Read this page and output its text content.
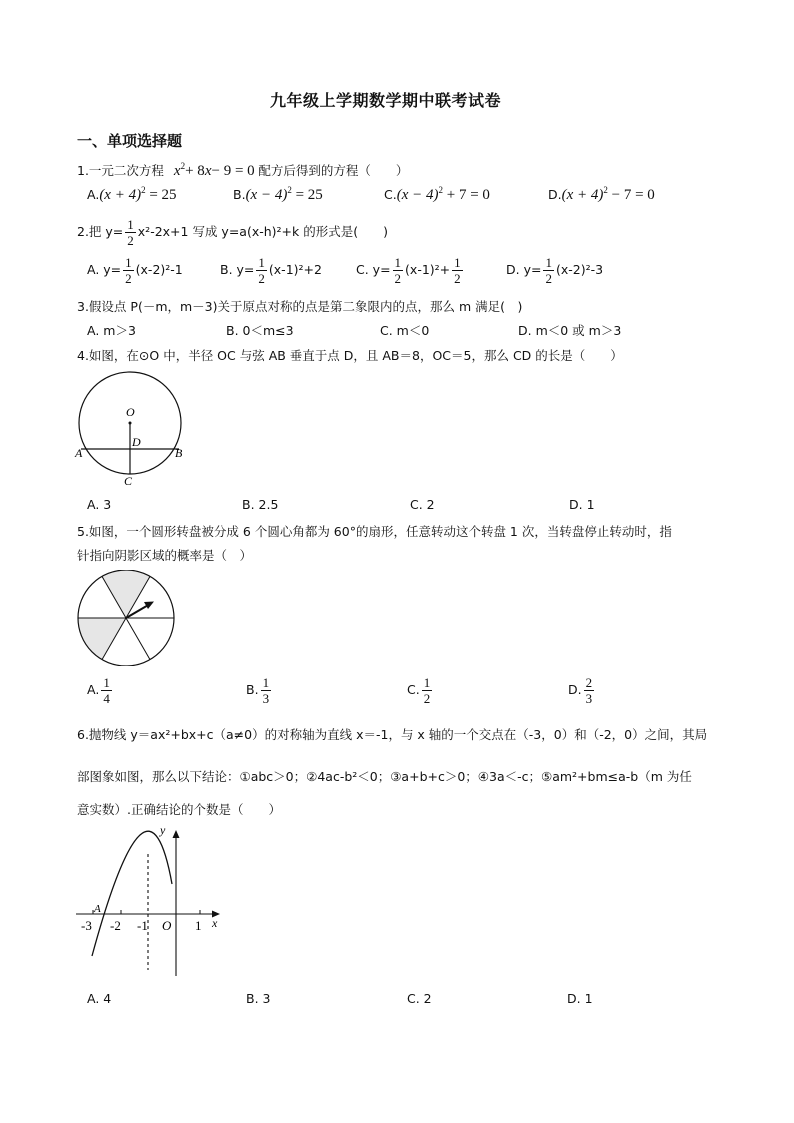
九年级上学期数学期中联考试卷
一、单项选择题
1.一元二次方程 $x^2+ 8x- 9 = 0$ 配方后得到的方程（　　）
$A.(x + 4)^2 = 25$	$B.(x - 4)^2 = 25$	$C.(x - 4)^2 + 7 = 0$	$D.(x + 4)^2 - 7 = 0$
2.把 $y= \frac{1}{2} x^2-2x+1$ 写成 y=a(x-h)²+k 的形式是(　　)
A. $y= \frac{1}{2} (x-2)^2-1$	B. $y= \frac{1}{2} (x-1)^2+2$	C. $y= \frac{1}{2} (x-1)^2+ \frac{1}{2}$	D. $y= \frac{1}{2} (x-2)^2-3$
3.假设点 P(－m，m－3)关于原点对称的点是第二象限内的点，那么 m 满足(　)
A. m＞3	B. 0＜m≤3	C. m＜0	D. m＜0 或 m＞3
4.如图，在⊙O 中，半径 OC 与弦 AB 垂直于点 D，且 AB＝8，OC＝5，那么 CD 的长是（　　）
O
D
A	B
C
A. 3	B. 2.5	C. 2	D. 1
5.如图，一个圆形转盘被分成 6 个圆心角都为 60°的扇形，任意转动这个转盘 1 次，当转盘停止转动时，指
针指向阴影区域的概率是（　）
A. $\frac{1}{4}$	B. $\frac{1}{3}$	C. $\frac{1}{2}$	D. $\frac{2}{3}$
6.抛物线 y＝ax²+bx+c（a≠0）的对称轴为直线 x＝-1，与 x 轴的一个交点在（-3，0）和（-2，0）之间，其局
部图象如图，那么以下结论：①abc＞0；②4ac-b²＜0；③a+b+c＞0；④3a＜-c；⑤am²+bm≤a-b（m 为任
意实数）.正确结论的个数是（　　）
y
x
A
-3 -2 -1 O 1
A. 4	B. 3	C. 2	D. 1
